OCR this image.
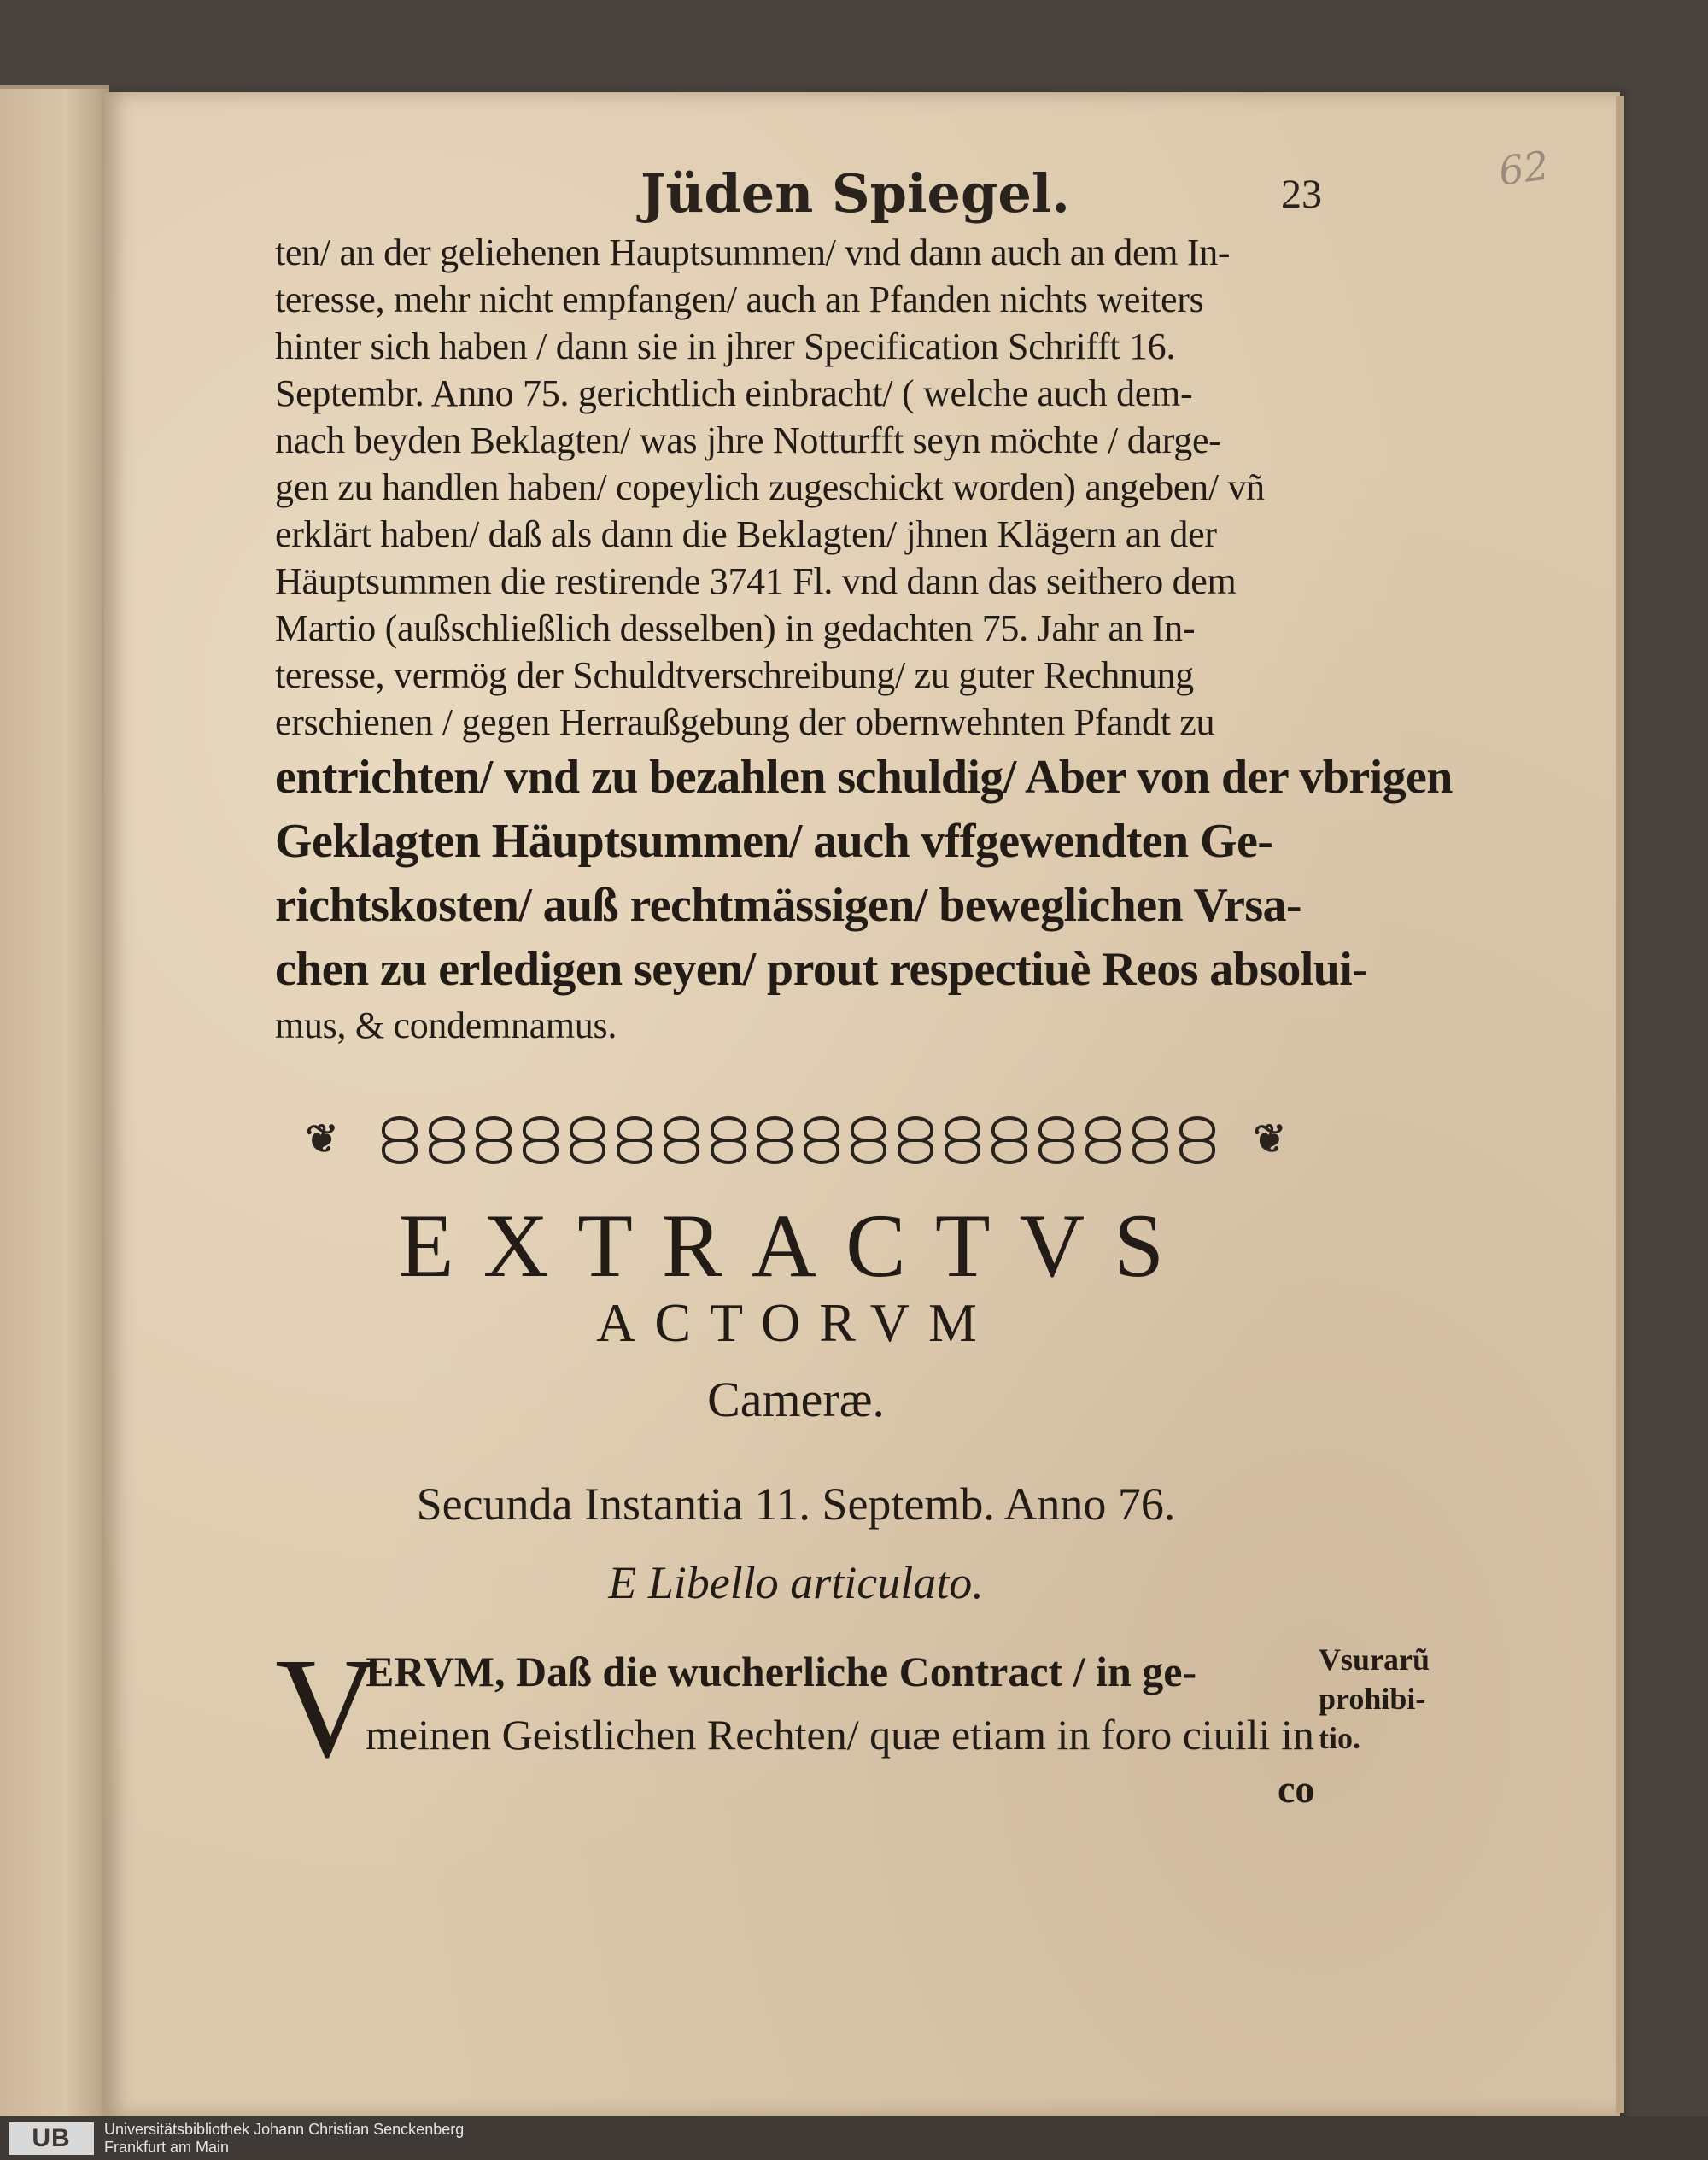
62
Jüden Spiegel.	23
ten/ an der geliehenen Hauptsummen/ vnd dann auch an dem In-
teresse, mehr nicht empfangen/ auch an Pfanden nichts weiters
hinter sich haben / dann sie in jhrer Specification Schrifft 16.
Septembr. Anno 75. gerichtlich einbracht/ ( welche auch dem-
nach beyden Beklagten/ was jhre Notturfft seyn möchte / darge-
gen zu handlen haben/ copeylich zugeschickt worden) angeben/ vñ
erklärt haben/ daß als dann die Beklagten/ jhnen Klägern an der
Häuptsummen die restirende 3741 Fl. vnd dann das seithero dem
Martio (außschließlich desselben) in gedachten 75. Jahr an In-
teresse, vermög der Schuldtverschreibung/ zu guter Rechnung
erschienen / gegen Herraußgebung der obernwehnten Pfandt zu
entrichten/ vnd zu bezahlen schuldig/ Aber von der vbrigen
Geklagten Häuptsummen/ auch vffgewendten Ge-
richtskosten/ auß rechtmässigen/ beweglichen Vrsa-
chen zu erledigen seyen/ prout respectiuè Reos absolui-
mus, & condemnamus.
❦	❦
EXTRACTVS
ACTORVM
Cameræ.
Secunda Instantia 11. Septemb. Anno 76.
E Libello articulato.
V
ERVM, Daß die wucherliche Contract / in ge-
meinen Geistlichen Rechten/ quæ etiam in foro ciuili in
co
Vsurarũ
prohibi-
tio.
UB	Universitätsbibliothek Johann Christian Senckenberg
Frankfurt am Main
